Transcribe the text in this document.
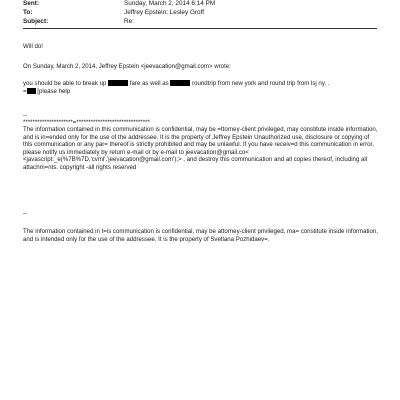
Sent:	Sunday, March 2, 2014 6:14 PM
To:	Jeffrey Epstein; Lesley Groff
Subject:	Re:
Will do!
On Sunday, March 2, 2014, Jeffrey Epstein <jeevacation@gmail.com> wrote:
you should be able to break up	fare as well as	roundtrip from new york and round trip from lsj ny. .
= [please help
--
*********************=*******************************
The information contained in this communication is confidential, may be =ttorney-client privileged, may constitute inside information, and is in=ended only for the use of the addressee. It is the property of Jeffrey Epstein Unauthorized use, disclosure or copying of this communication or any par= thereof is strictly prohibited and may be unlawful. If you have receiv=d this communication in error, please notify us immediately by return e-mail or by e-mail to jeevacation@gmail.co< <javascript:_e(%7B%7D,'cvml','jeevacation@gmail.com');> , and destroy this communication and all copies thereof, including all attachm=nts. copyright -all rights reserved
--
The information contained in t=is communication is confidential, may be attorney-client privileged, ma= constitute inside information, and is intended only for the use of the addressee. It is the property of Svetlana Pozhidaev=.
